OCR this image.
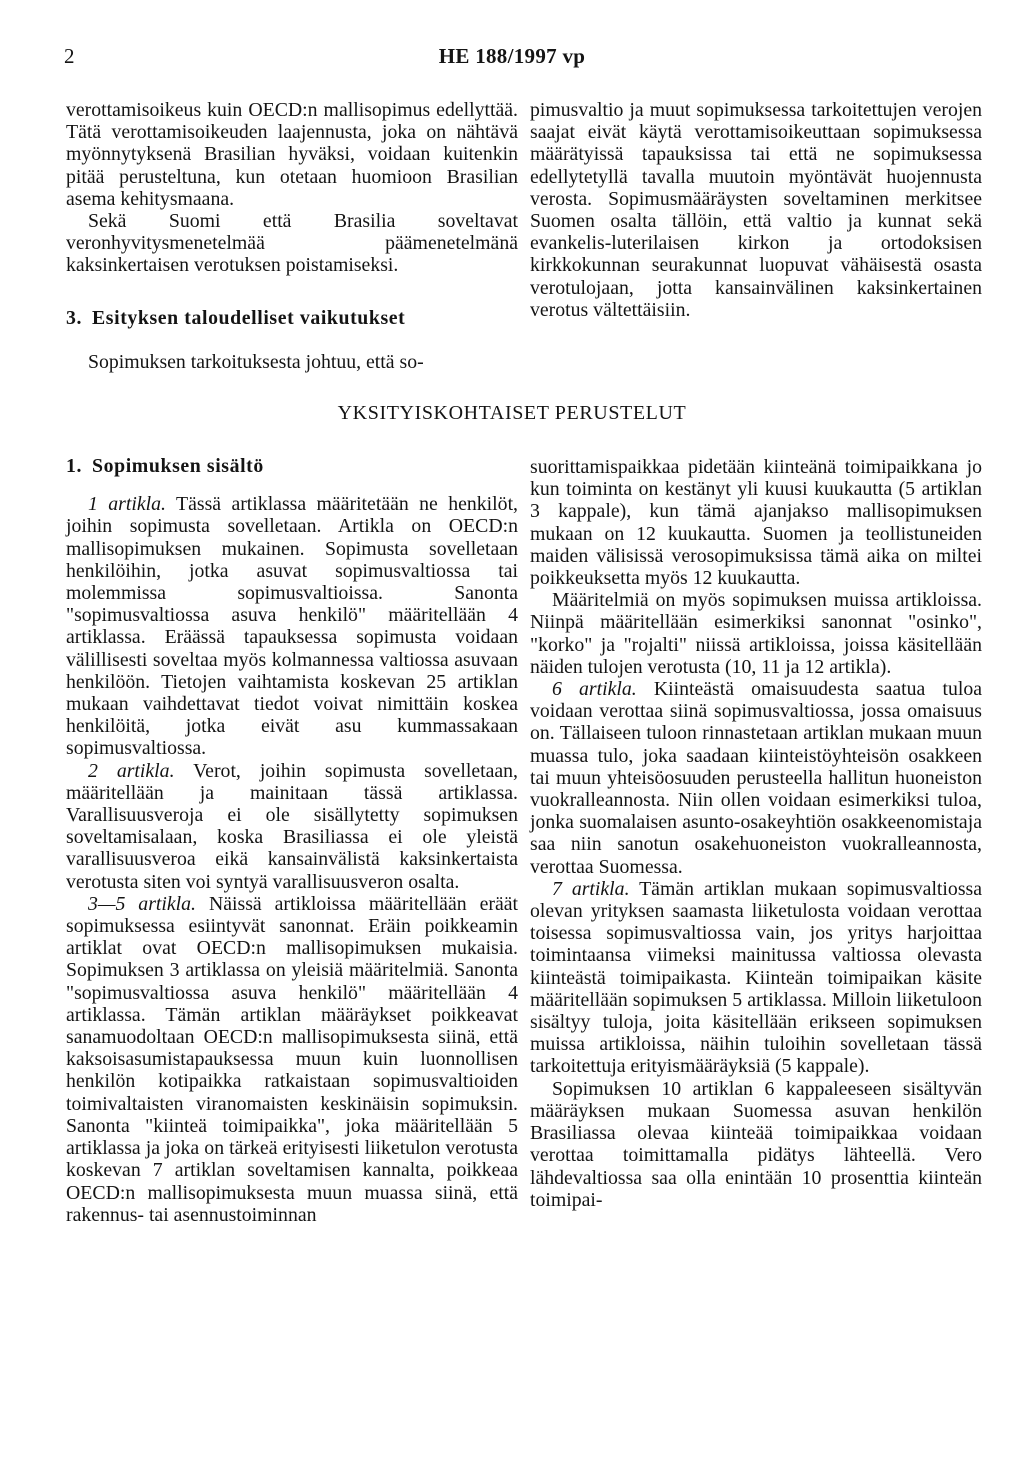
2	HE 188/1997 vp

verottamisoikeus kuin OECD:n mallisopimus edellyttää. Tätä verottamisoikeuden laajennusta, joka on nähtävä myönnytyksenä Brasilian hyväksi, voidaan kuitenkin pitää perusteltuna, kun otetaan huomioon Brasilian asema kehitysmaana.

Sekä Suomi että Brasilia soveltavat veronhyvitysmenetelmää päämenetelmänä kaksinkertaisen verotuksen poistamiseksi.

3. Esityksen taloudelliset vaikutukset

Sopimuksen tarkoituksesta johtuu, että so-

pimusvaltio ja muut sopimuksessa tarkoitettujen verojen saajat eivät käytä verottamisoikeuttaan sopimuksessa määrätyissä tapauksissa tai että ne sopimuksessa edellytetyllä tavalla muutoin myöntävät huojennusta verosta. Sopimusmääräysten soveltaminen merkitsee Suomen osalta tällöin, että valtio ja kunnat sekä evankelis-luterilaisen kirkon ja ortodoksisen kirkkokunnan seurakunnat luopuvat vähäisestä osasta verotulojaan, jotta kansainvälinen kaksinkertainen verotus vältettäisiin.

YKSITYISKOHTAISET PERUSTELUT
1. Sopimuksen sisältö

1 artikla. Tässä artiklassa määritetään ne henkilöt, joihin sopimusta sovelletaan. Artikla on OECD:n mallisopimuksen mukainen. Sopimusta sovelletaan henkilöihin, jotka asuvat sopimusvaltiossa tai molemmissa sopimusvaltioissa. Sanonta "sopimusvaltiossa asuva henkilö" määritellään 4 artiklassa. Eräässä tapauksessa sopimusta voidaan välillisesti soveltaa myös kolmannessa valtiossa asuvaan henkilöön. Tietojen vaihtamista koskevan 25 artiklan mukaan vaihdettavat tiedot voivat nimittäin koskea henkilöitä, jotka eivät asu kummassakaan sopimusvaltiossa.

2 artikla. Verot, joihin sopimusta sovelletaan, määritellään ja mainitaan tässä artiklassa. Varallisuusveroja ei ole sisällytetty sopimuksen soveltamisalaan, koska Brasiliassa ei ole yleistä varallisuusveroa eikä kansainvälistä kaksinkertaista verotusta siten voi syntyä varallisuusveron osalta.

3—5 artikla. Näissä artikloissa määritellään eräät sopimuksessa esiintyvät sanonnat. Eräin poikkeamin artiklat ovat OECD:n mallisopimuksen mukaisia. Sopimuksen 3 artiklassa on yleisiä määritelmiä. Sanonta "sopimusvaltiossa asuva henkilö" määritellään 4 artiklassa. Tämän artiklan määräykset poikkeavat sanamuodoltaan OECD:n mallisopimuksesta siinä, että kaksoisasumistapauksessa muun kuin luonnollisen henkilön kotipaikka ratkaistaan sopimusvaltioiden toimivaltaisten viranomaisten keskinäisin sopimuksin. Sanonta "kiinteä toimipaikka", joka määritellään 5 artiklassa ja joka on tärkeä erityisesti liiketulon verotusta koskevan 7 artiklan soveltamisen kannalta, poikkeaa OECD:n mallisopimuksesta muun muassa siinä, että rakennus- tai asennustoiminnan

suorittamispaikkaa pidetään kiinteänä toimipaikkana jo kun toiminta on kestänyt yli kuusi kuukautta (5 artiklan 3 kappale), kun tämä ajanjakso mallisopimuksen mukaan on 12 kuukautta. Suomen ja teollistuneiden maiden välisissä verosopimuksissa tämä aika on miltei poikkeuksetta myös 12 kuukautta.

Määritelmiä on myös sopimuksen muissa artikloissa. Niinpä määritellään esimerkiksi sanonnat "osinko", "korko" ja "rojalti" niissä artikloissa, joissa käsitellään näiden tulojen verotusta (10, 11 ja 12 artikla).

6 artikla. Kiinteästä omaisuudesta saatua tuloa voidaan verottaa siinä sopimusvaltiossa, jossa omaisuus on. Tällaiseen tuloon rinnastetaan artiklan mukaan muun muassa tulo, joka saadaan kiinteistöyhteisön osakkeen tai muun yhteisöosuuden perusteella hallitun huoneiston vuokralleannosta. Niin ollen voidaan esimerkiksi tuloa, jonka suomalaisen asunto-osakeyhtiön osakkeenomistaja saa niin sanotun osakehuoneiston vuokralleannosta, verottaa Suomessa.

7 artikla. Tämän artiklan mukaan sopimusvaltiossa olevan yrityksen saamasta liiketulosta voidaan verottaa toisessa sopimusvaltiossa vain, jos yritys harjoittaa toimintaansa viimeksi mainitussa valtiossa olevasta kiinteästä toimipaikasta. Kiinteän toimipaikan käsite määritellään sopimuksen 5 artiklassa. Milloin liiketuloon sisältyy tuloja, joita käsitellään erikseen sopimuksen muissa artikloissa, näihin tuloihin sovelletaan tässä tarkoitettuja erityismääräyksiä (5 kappale).

Sopimuksen 10 artiklan 6 kappaleeseen sisältyvän määräyksen mukaan Suomessa asuvan henkilön Brasiliassa olevaa kiinteää toimipaikkaa voidaan verottaa toimittamalla pidätys lähteellä. Vero lähdevaltiossa saa olla enintään 10 prosenttia kiinteän toimipai-
